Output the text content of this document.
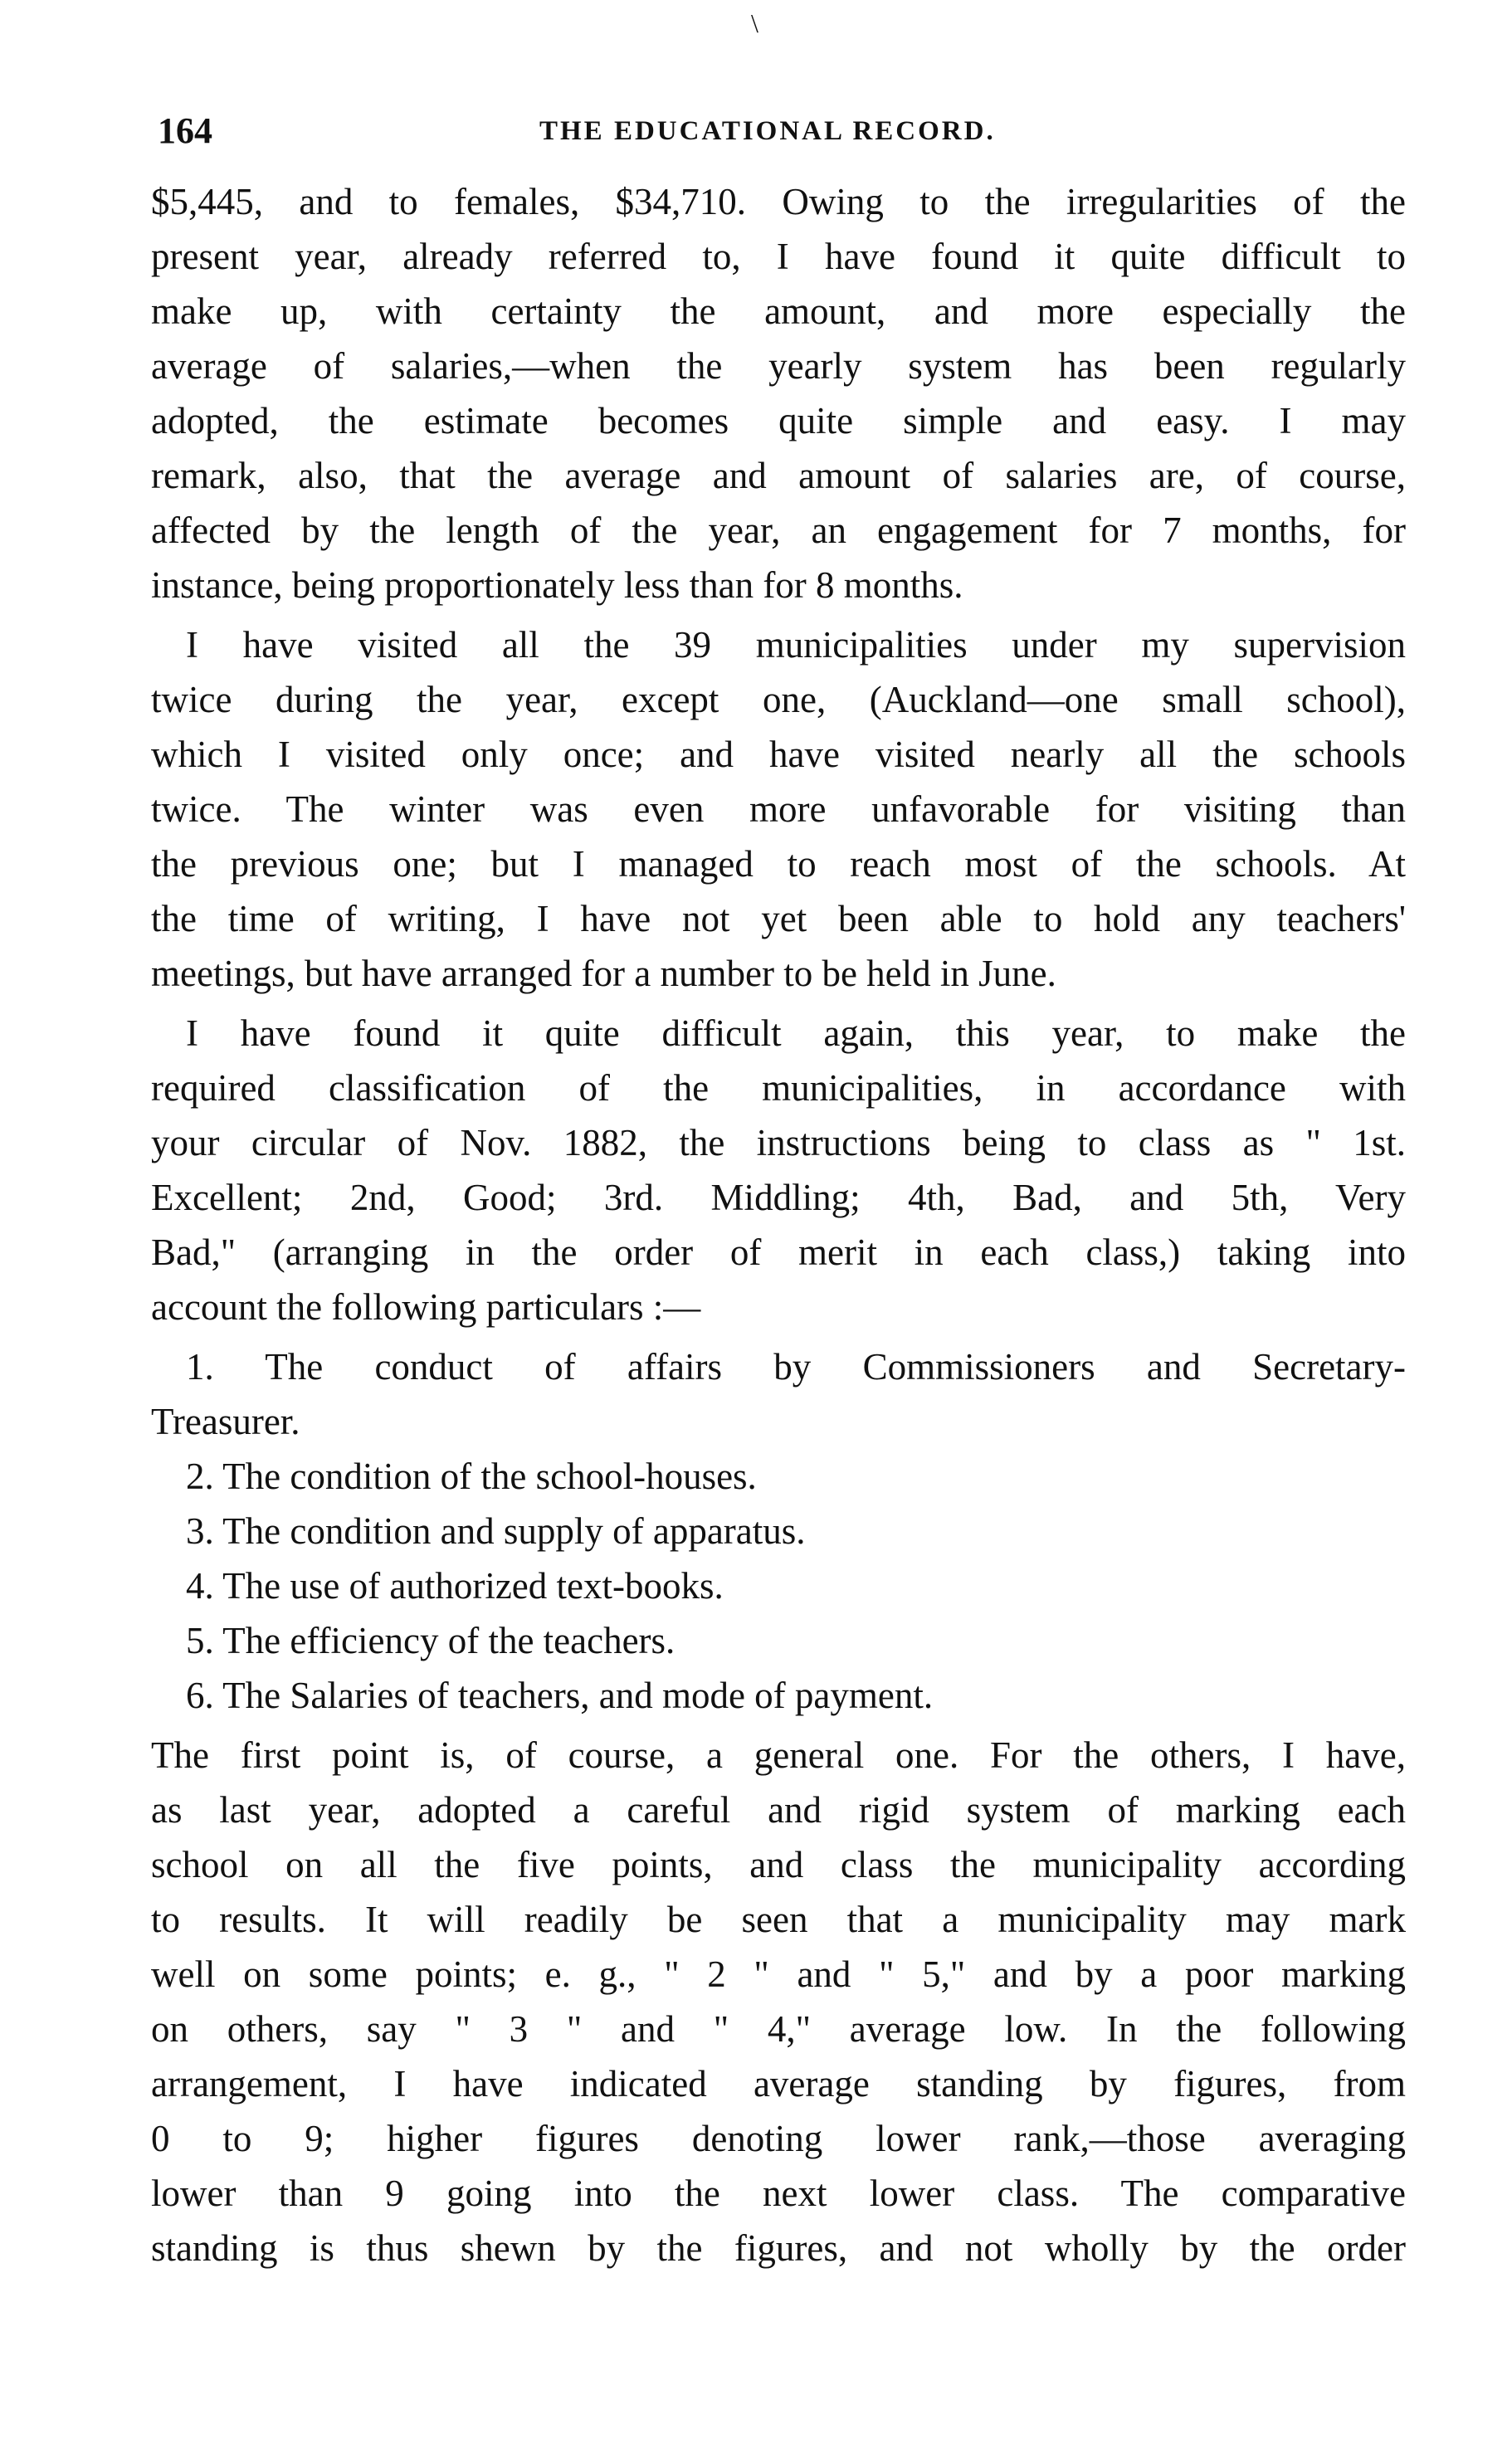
\
164	THE EDUCATIONAL RECORD.
$5,445, and to females, $34,710. Owing to the irregularities of the
present year, already referred to, I have found it quite difficult to
make up, with certainty the amount, and more especially the
average of salaries,—when the yearly system has been regularly
adopted, the estimate becomes quite simple and easy. I may
remark, also, that the average and amount of salaries are, of course,
affected by the length of the year, an engagement for 7 months, for
instance, being proportionately less than for 8 months.
I have visited all the 39 municipalities under my supervision
twice during the year, except one, (Auckland—one small school),
which I visited only once; and have visited nearly all the schools
twice. The winter was even more unfavorable for visiting than
the previous one; but I managed to reach most of the schools. At
the time of writing, I have not yet been able to hold any teachers'
meetings, but have arranged for a number to be held in June.
I have found it quite difficult again, this year, to make the
required classification of the municipalities, in accordance with
your circular of Nov. 1882, the instructions being to class as " 1st.
Excellent; 2nd, Good; 3rd. Middling; 4th, Bad, and 5th, Very
Bad," (arranging in the order of merit in each class,) taking into
account the following particulars :—
1. The conduct of affairs by Commissioners and Secretary-
Treasurer.
2. The condition of the school-houses.
3. The condition and supply of apparatus.
4. The use of authorized text-books.
5. The efficiency of the teachers.
6. The Salaries of teachers, and mode of payment.
The first point is, of course, a general one. For the others, I have,
as last year, adopted a careful and rigid system of marking each
school on all the five points, and class the municipality according
to results. It will readily be seen that a municipality may mark
well on some points; e. g., " 2 " and " 5," and by a poor marking
on others, say " 3 " and " 4," average low. In the following
arrangement, I have indicated average standing by figures, from
0 to 9; higher figures denoting lower rank,—those averaging
lower than 9 going into the next lower class. The comparative
standing is thus shewn by the figures, and not wholly by the order
